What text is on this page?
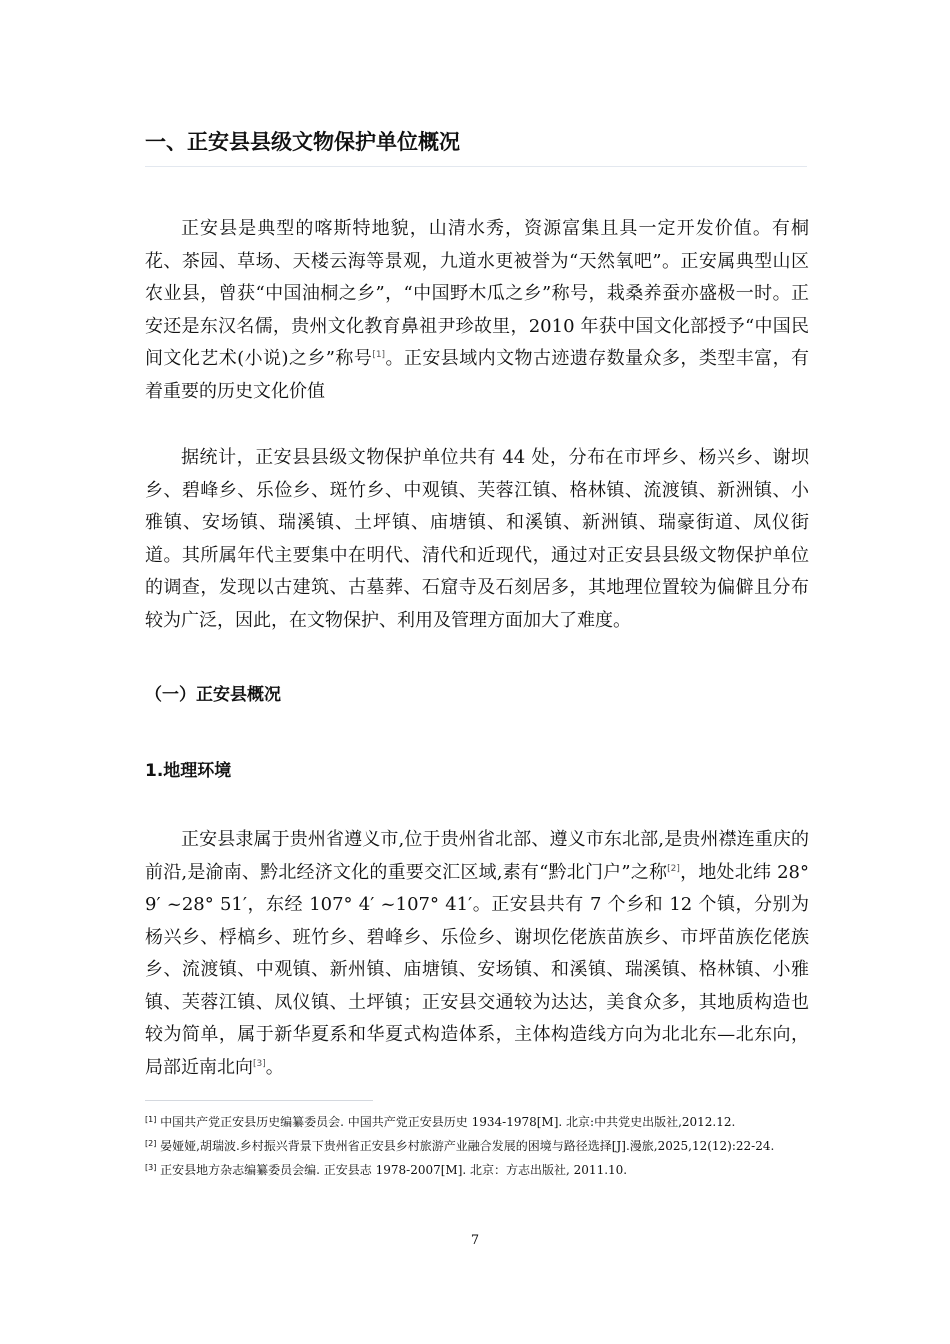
一、正安县县级文物保护单位概况

正安县是典型的喀斯特地貌，山清水秀，资源富集且具一定开发价值。有桐花、茶园、草场、天楼云海等景观，九道水更被誉为“天然氧吧”。正安属典型山区农业县，曾获“中国油桐之乡”，“中国野木瓜之乡”称号，栽桑养蚕亦盛极一时。正安还是东汉名儒，贵州文化教育鼻祖尹珍故里，2010 年获中国文化部授予“中国民间文化艺术(小说)之乡”称号[1]。正安县域内文物古迹遗存数量众多，类型丰富，有着重要的历史文化价值

据统计，正安县县级文物保护单位共有 44 处，分布在市坪乡、杨兴乡、谢坝乡、碧峰乡、乐俭乡、斑竹乡、中观镇、芙蓉江镇、格林镇、流渡镇、新洲镇、小雅镇、安场镇、瑞溪镇、土坪镇、庙塘镇、和溪镇、新洲镇、瑞豪街道、凤仪街道。其所属年代主要集中在明代、清代和近现代，通过对正安县县级文物保护单位的调查，发现以古建筑、古墓葬、石窟寺及石刻居多，其地理位置较为偏僻且分布较为广泛，因此，在文物保护、利用及管理方面加大了难度。

（一）正安县概况
1.地理环境

正安县隶属于贵州省遵义市,位于贵州省北部、遵义市东北部,是贵州襟连重庆的前沿,是渝南、黔北经济文化的重要交汇区域,素有“黔北门户”之称[2]，地处北纬 28° 9′ ~28° 51′，东经 107° 4′ ~107° 41′。正安县共有 7 个乡和 12 个镇，分别为杨兴乡、桴槁乡、班竹乡、碧峰乡、乐俭乡、谢坝仡佬族苗族乡、市坪苗族仡佬族乡、流渡镇、中观镇、新州镇、庙塘镇、安场镇、和溪镇、瑞溪镇、格林镇、小雅镇、芙蓉江镇、凤仪镇、土坪镇；正安县交通较为达达，美食众多，其地质构造也较为简单，属于新华夏系和华夏式构造体系，主体构造线方向为北北东—北东向，局部近南北向[3]。

[1] 中国共产党正安县历史编纂委员会. 中国共产党正安县历史 1934-1978[M]. 北京:中共党史出版社,2012.12.

[2] 晏娅娅,胡瑞波.乡村振兴背景下贵州省正安县乡村旅游产业融合发展的困境与路径选择[J].漫旅,2025,12(12):22-24.

[3] 正安县地方杂志编纂委员会编. 正安县志 1978-2007[M]. 北京：方志出版社, 2011.10.

7
